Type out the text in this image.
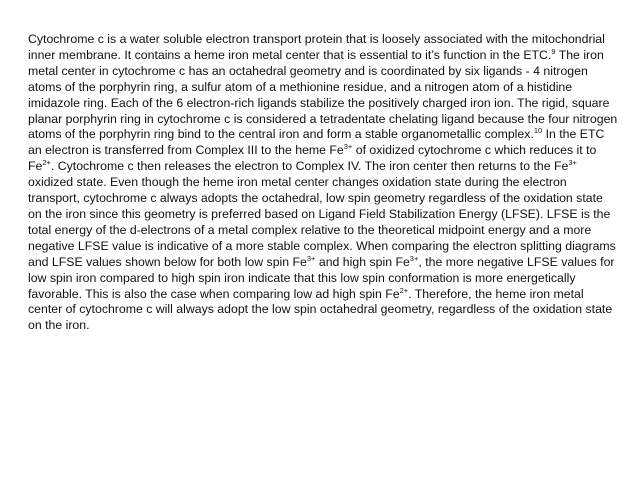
Cytochrome c is a water soluble electron transport protein that is loosely associated with the mitochondrial inner membrane. It contains a heme iron metal center that is essential to it’s function in the ETC.$^9$ The iron metal center in cytochrome c has an octahedral geometry and is coordinated by six ligands - 4 nitrogen atoms of the porphyrin ring, a sulfur atom of a methionine residue, and a nitrogen atom of a histidine imidazole ring. Each of the 6 electron-rich ligands stabilize the positively charged iron ion. The rigid, square planar porphyrin ring in cytochrome c is considered a tetradentate chelating ligand because the four nitrogen atoms of the porphyrin ring bind to the central iron and form a stable organometallic complex.$^{10}$ In the ETC an electron is transferred from Complex III to the heme $Fe^{3+}$ of oxidized cytochrome c which reduces it to $Fe^{2+}$. Cytochrome c then releases the electron to Complex IV. The iron center then returns to the $Fe^{3+}$ oxidized state. Even though the heme iron metal center changes oxidation state during the electron transport, cytochrome c always adopts the octahedral, low spin geometry regardless of the oxidation state on the iron since this geometry is preferred based on Ligand Field Stabilization Energy (LFSE). LFSE is the total energy of the d-electrons of a metal complex relative to the theoretical midpoint energy and a more negative LFSE value is indicative of a more stable complex. When comparing the electron splitting diagrams and LFSE values shown below for both low spin $Fe^{3+}$ and high spin $Fe^{3+}$, the more negative LFSE values for low spin iron compared to high spin iron indicate that this low spin conformation is more energetically favorable. This is also the case when comparing low ad high spin $Fe^{2+}$. Therefore, the heme iron metal center of cytochrome c will always adopt the low spin octahedral geometry, regardless of the oxidation state on the iron.
